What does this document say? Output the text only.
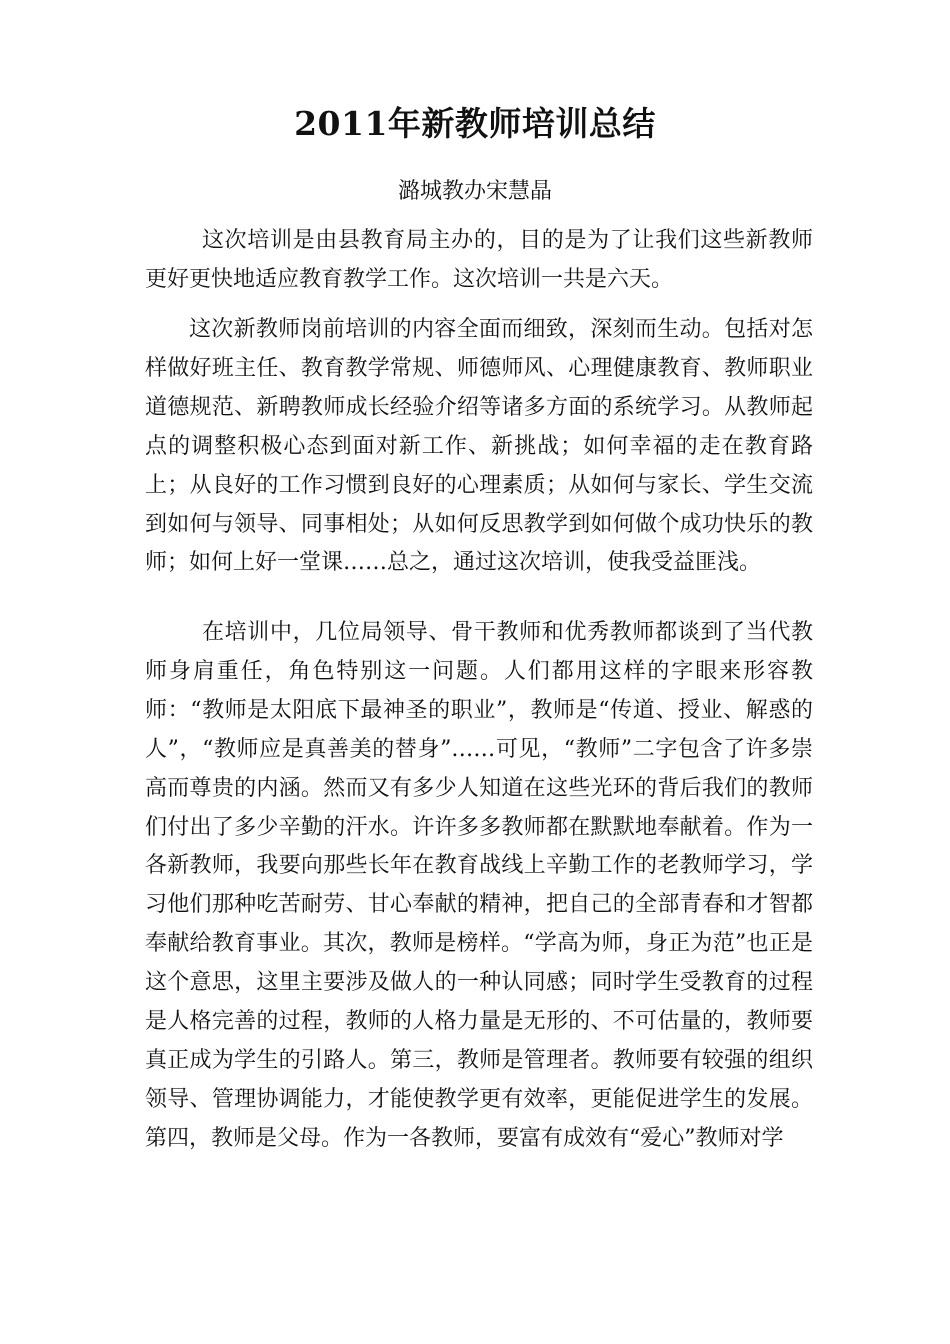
2011年新教师培训总结
潞城教办宋慧晶

这次培训是由县教育局主办的，目的是为了让我们这些新教师更好更快地适应教育教学工作。这次培训一共是六天。

这次新教师岗前培训的内容全面而细致，深刻而生动。包括对怎样做好班主任、教育教学常规、师德师风、心理健康教育、教师职业道德规范、新聘教师成长经验介绍等诸多方面的系统学习。从教师起点的调整积极心态到面对新工作、新挑战；如何幸福的走在教育路上；从良好的工作习惯到良好的心理素质；从如何与家长、学生交流到如何与领导、同事相处；从如何反思教学到如何做个成功快乐的教师；如何上好一堂课……总之，通过这次培训，使我受益匪浅。

在培训中，几位局领导、骨干教师和优秀教师都谈到了当代教师身肩重任，角色特别这一问题。人们都用这样的字眼来形容教师：“教师是太阳底下最神圣的职业”，教师是“传道、授业、解惑的人”，“教师应是真善美的替身”……可见，“教师”二字包含了许多崇高而尊贵的内涵。然而又有多少人知道在这些光环的背后我们的教师们付出了多少辛勤的汗水。许许多多教师都在默默地奉献着。作为一各新教师，我要向那些长年在教育战线上辛勤工作的老教师学习，学习他们那种吃苦耐劳、甘心奉献的精神，把自己的全部青春和才智都奉献给教育事业。其次，教师是榜样。“学高为师，身正为范”也正是这个意思，这里主要涉及做人的一种认同感；同时学生受教育的过程是人格完善的过程，教师的人格力量是无形的、不可估量的，教师要真正成为学生的引路人。第三，教师是管理者。教师要有较强的组织领导、管理协调能力，才能使教学更有效率，更能促进学生的发展。第四，教师是父母。作为一各教师，要富有成效有“爱心”教师对学
